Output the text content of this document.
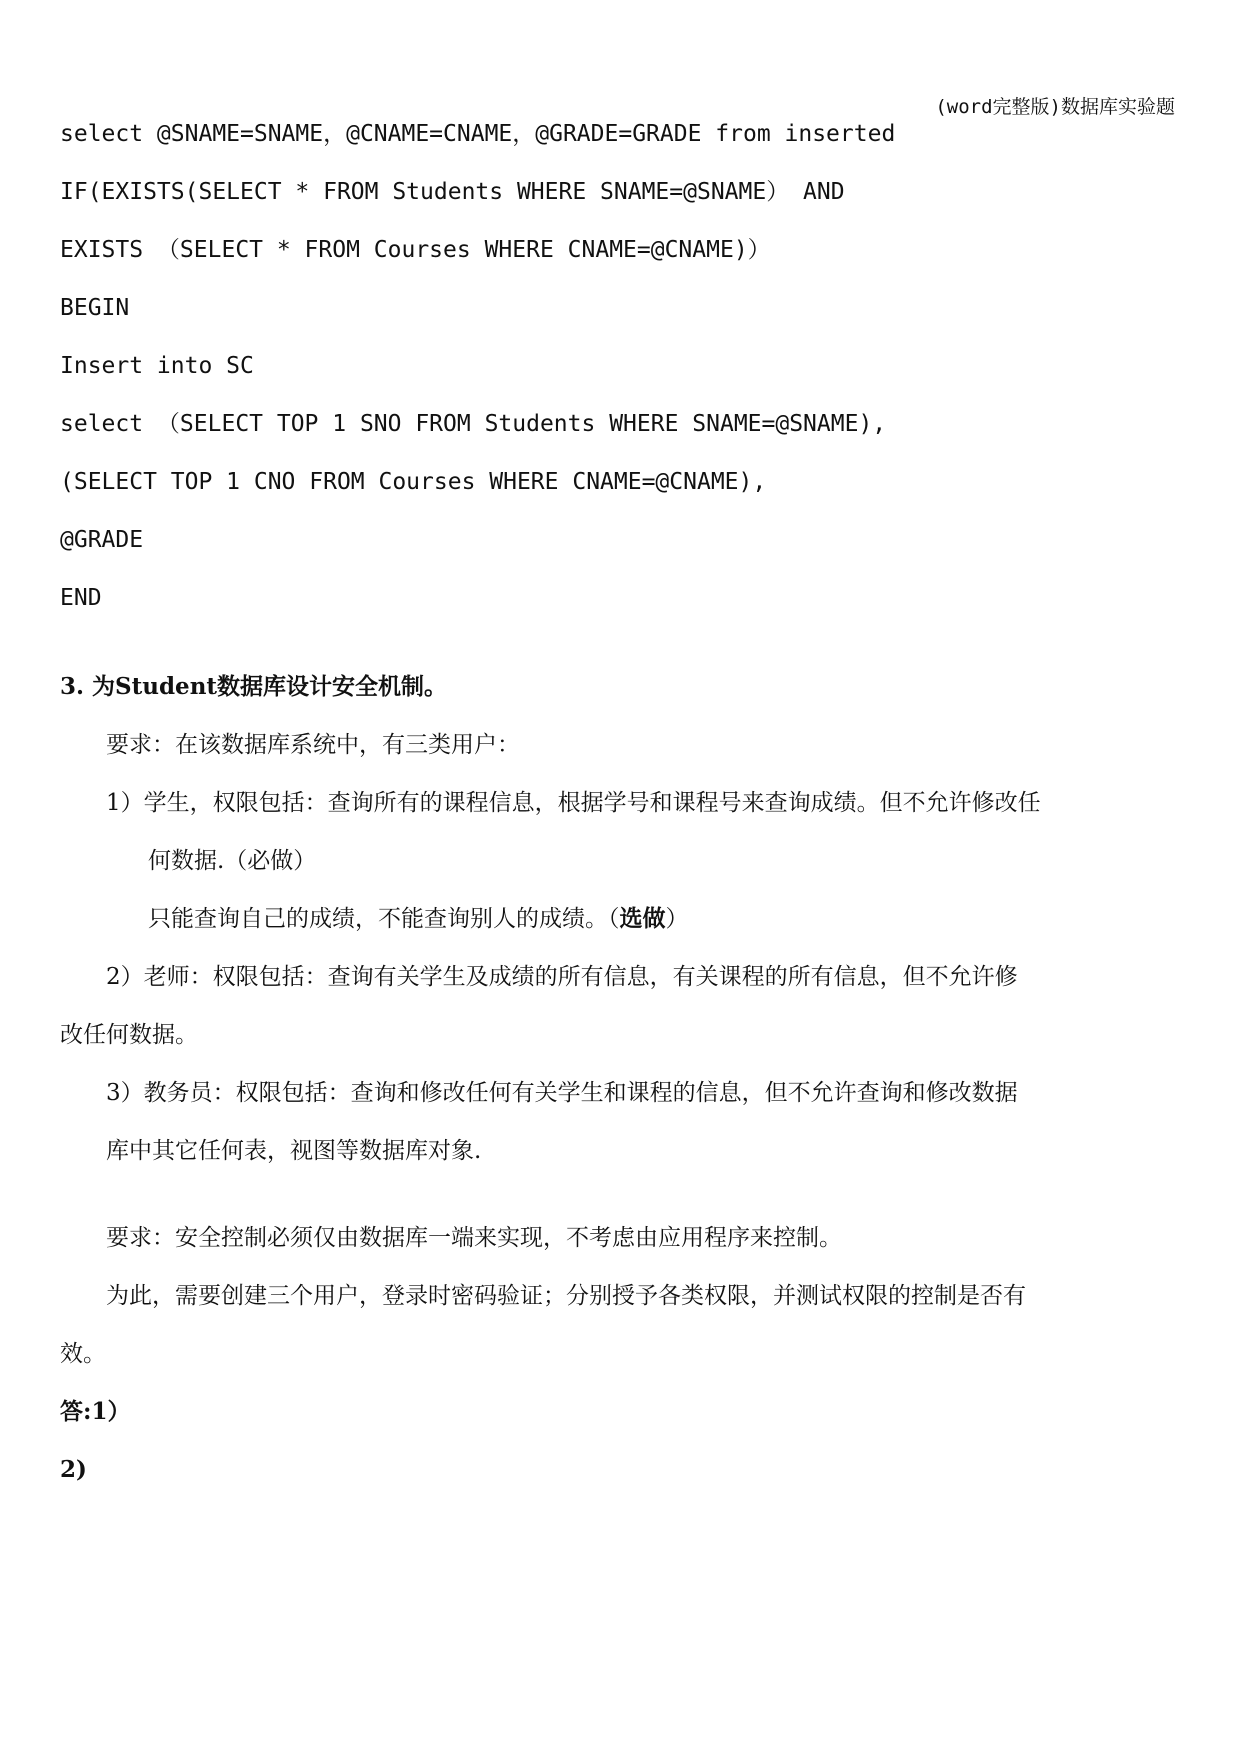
(word完整版)数据库实验题
select @SNAME=SNAME，@CNAME=CNAME，@GRADE=GRADE from inserted
IF(EXISTS(SELECT * FROM Students WHERE SNAME=@SNAME） AND
EXISTS （SELECT * FROM Courses WHERE CNAME=@CNAME)）
BEGIN
Insert into SC
select （SELECT TOP 1 SNO FROM Students WHERE SNAME=@SNAME),
(SELECT TOP 1 CNO FROM Courses WHERE CNAME=@CNAME),
@GRADE
END
3. 为Student数据库设计安全机制。
要求：在该数据库系统中，有三类用户：
1）学生，权限包括：查询所有的课程信息，根据学号和课程号来查询成绩。但不允许修改任
何数据.（必做）
只能查询自己的成绩，不能查询别人的成绩。（选做）
2）老师：权限包括：查询有关学生及成绩的所有信息，有关课程的所有信息，但不允许修
改任何数据。
3）教务员：权限包括：查询和修改任何有关学生和课程的信息，但不允许查询和修改数据
库中其它任何表，视图等数据库对象.
要求：安全控制必须仅由数据库一端来实现，不考虑由应用程序来控制。
为此，需要创建三个用户，登录时密码验证；分别授予各类权限，并测试权限的控制是否有
效。
答:1）
2)
